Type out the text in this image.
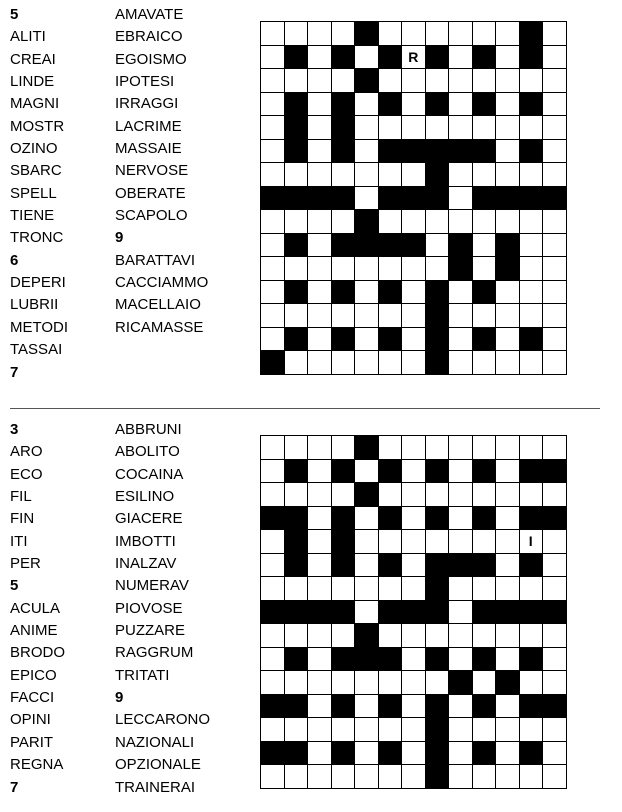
5
ALITI
CREAI
LINDE
MAGNI
MOSTR
OZINO
SBARC
SPELL
TIENE
TRONC
6
DEPERI
LUBRII
METODI
TASSAI
7
AMAVATE
EBRAICO
EGOISMO
IPOTESI
IRRAGGI
LACRIME
MASSAIE
NERVOSE
OBERATE
SCAPOLO
9
BARATTAVI
CACCIAMMO
MACELLAIO
RICAMASSE

						R						

3
ARO
ECO
FIL
FIN
ITI
PER
5
ACULA
ANIME
BRODO
EPICO
FACCI
OPINI
PARIT
REGNA
7
ABBRUNI
ABOLITO
COCAINA
ESILINO
GIACERE
IMBOTTI
INALZAV
NUMERAV
PIOVOSE
PUZZARE
RAGGRUM
TRITATI
9
LECCARONO
NAZIONALI
OPZIONALE
TRAINERAI

											I	
